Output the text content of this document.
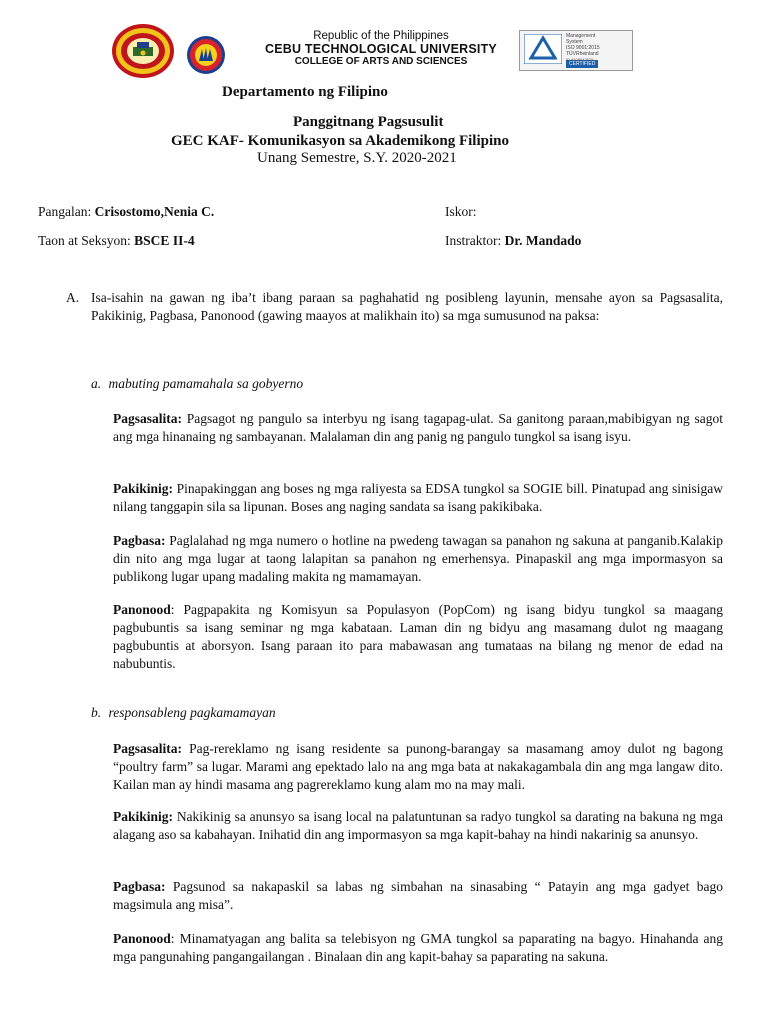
Republic of the Philippines
CEBU TECHNOLOGICAL UNIVERSITY
COLLEGE OF ARTS AND SCIENCES
Management
System
ISO 9001:2015
TÜVRheinland
CERTIFIED
ID 9108642525
Departamento ng Filipino
Panggitnang Pagsusulit
GEC KAF- Komunikasyon sa Akademikong Filipino
Unang Semestre, S.Y. 2020-2021
Pangalan: Crisostomo,Nenia C.	Iskor:
Taon at Seksyon: BSCE II-4	Instraktor: Dr. Mandado
A. Isa-isahin na gawan ng iba’t ibang paraan sa paghahatid ng posibleng layunin, mensahe ayon sa Pagsasalita, Pakikinig, Pagbasa, Panonood (gawing maayos at malikhain ito) sa mga sumusunod na paksa:
a. mabuting pamamahala sa gobyerno
Pagsasalita: Pagsagot ng pangulo sa interbyu ng isang tagapag-ulat. Sa ganitong paraan,mabibigyan ng sagot ang mga hinanaing ng sambayanan. Malalaman din ang panig ng pangulo tungkol sa isang isyu.
Pakikinig: Pinapakinggan ang boses ng mga raliyesta sa EDSA tungkol sa SOGIE bill. Pinatupad ang sinisigaw nilang tanggapin sila sa lipunan. Boses ang naging sandata sa isang pakikibaka.
Pagbasa: Paglalahad ng mga numero o hotline na pwedeng tawagan sa panahon ng sakuna at panganib.Kalakip din nito ang mga lugar at taong lalapitan sa panahon ng emerhensya. Pinapaskil ang mga impormasyon sa publikong lugar upang madaling makita ng mamamayan.
Panonood: Pagpapakita ng Komisyun sa Populasyon (PopCom) ng isang bidyu tungkol sa maagang pagbubuntis sa isang seminar ng mga kabataan. Laman din ng bidyu ang masamang dulot ng maagang pagbubuntis at aborsyon. Isang paraan ito para mabawasan ang tumataas na bilang ng menor de edad na nabubuntis.
b. responsableng pagkamamayan
Pagsasalita: Pag-rereklamo ng isang residente sa punong-barangay sa masamang amoy dulot ng bagong “poultry farm” sa lugar. Marami ang epektado lalo na ang mga bata at nakakagambala din ang mga langaw dito. Kailan man ay hindi masama ang pagrereklamo kung alam mo na may mali.
Pakikinig: Nakikinig sa anunsyo sa isang local na palatuntunan sa radyo tungkol sa darating na bakuna ng mga alagang aso sa kabahayan. Inihatid din ang impormasyon sa mga kapit-bahay na hindi nakarinig sa anunsyo.
Pagbasa: Pagsunod sa nakapaskil sa labas ng simbahan na sinasabing “ Patayin ang mga gadyet bago magsimula ang misa”.
Panonood: Minamatyagan ang balita sa telebisyon ng GMA tungkol sa paparating na bagyo. Hinahanda ang mga pangunahing pangangailangan . Binalaan din ang kapit-bahay sa paparating na sakuna.
